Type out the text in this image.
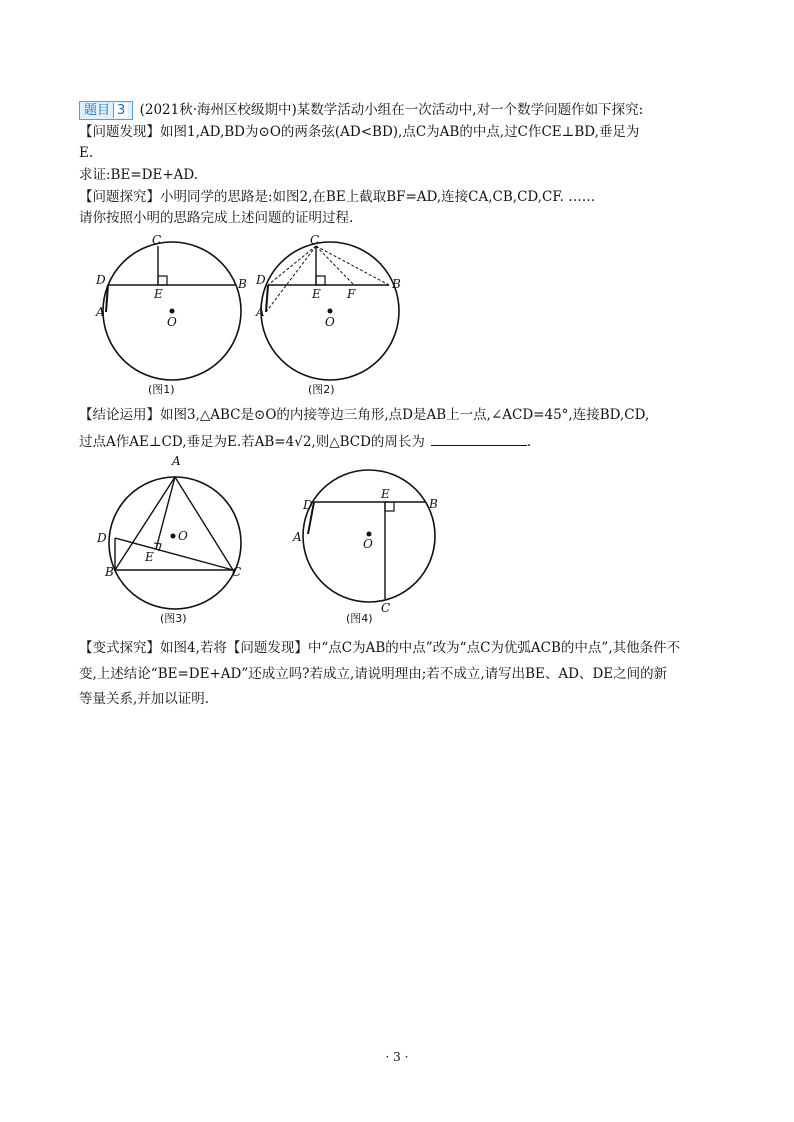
题目 3 (2021秋·海州区校级期中)某数学活动小组在一次活动中,对一个数学问题作如下探究:
【问题发现】如图1,AD,BD为⊙O的两条弦(AD<BD),点C为AB的中点,过C作CE⊥BD,垂足为
E.
求证:BE=DE+AD.
【问题探究】小明同学的思路是:如图2,在BE上截取BF=AD,连接CA,CB,CD,CF. ……
请你按照小明的思路完成上述问题的证明过程.
C
D
E
B
A
O
(图1)
C
D
E F
B
A
O
(图2)
【结论运用】如图3,△ABC是⊙O的内接等边三角形,点D是AB上一点,∠ACD=45°,连接BD,CD,
过点A作AE⊥CD,垂足为E.若AB=4√2,则△BCD的周长为	.
A
D
E
O
B	C
(图3)
D
E
B
A	O
C
(图4)
【变式探究】如图4,若将【问题发现】中“点C为AB的中点”改为“点C为优弧ACB的中点”,其他条件不
变,上述结论“BE=DE+AD”还成立吗?若成立,请说明理由;若不成立,请写出BE、AD、DE之间的新
等量关系,并加以证明.
· 3 ·
